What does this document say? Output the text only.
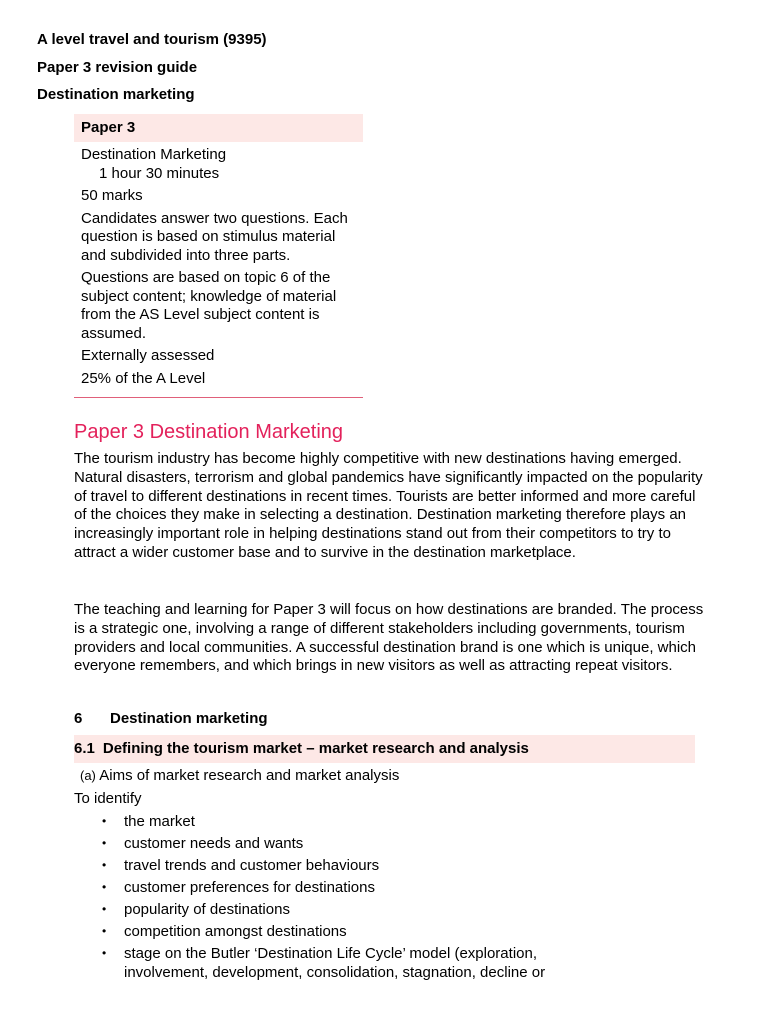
A level travel and tourism (9395)
Paper 3 revision guide
Destination marketing
Paper 3

Destination Marketing1 hour 30 minutes

50 marks

Candidates answer two questions. Each question is based on stimulus material and subdivided into three parts.

Questions are based on topic 6 of the subject content; knowledge of material from the AS Level subject content is assumed.

Externally assessed

25% of the A Level

Paper 3 Destination Marketing

The tourism industry has become highly competitive with new destinations having emerged. Natural disasters, terrorism and global pandemics have significantly impacted on the popularity of travel to different destinations in recent times. Tourists are better informed and more careful of the choices they make in selecting a destination. Destination marketing therefore plays an increasingly important role in helping destinations stand out from their competitors to try to attract a wider customer base and to survive in the destination marketplace.

The teaching and learning for Paper 3 will focus on how destinations are branded. The process is a strategic one, involving a range of different stakeholders including governments, tourism providers and local communities. A successful destination brand is one which is unique, which everyone remembers, and which brings in new visitors as well as attracting repeat visitors.

6 Destination marketing
6.1 Defining the tourism market – market research and analysis
(a) Aims of market research and market analysis
To identify
• the market
• customer needs and wants
• travel trends and customer behaviours
• customer preferences for destinations
• popularity of destinations
• competition amongst destinations
• stage on the Butler ‘Destination Life Cycle’ model (exploration, involvement, development, consolidation, stagnation, decline or
